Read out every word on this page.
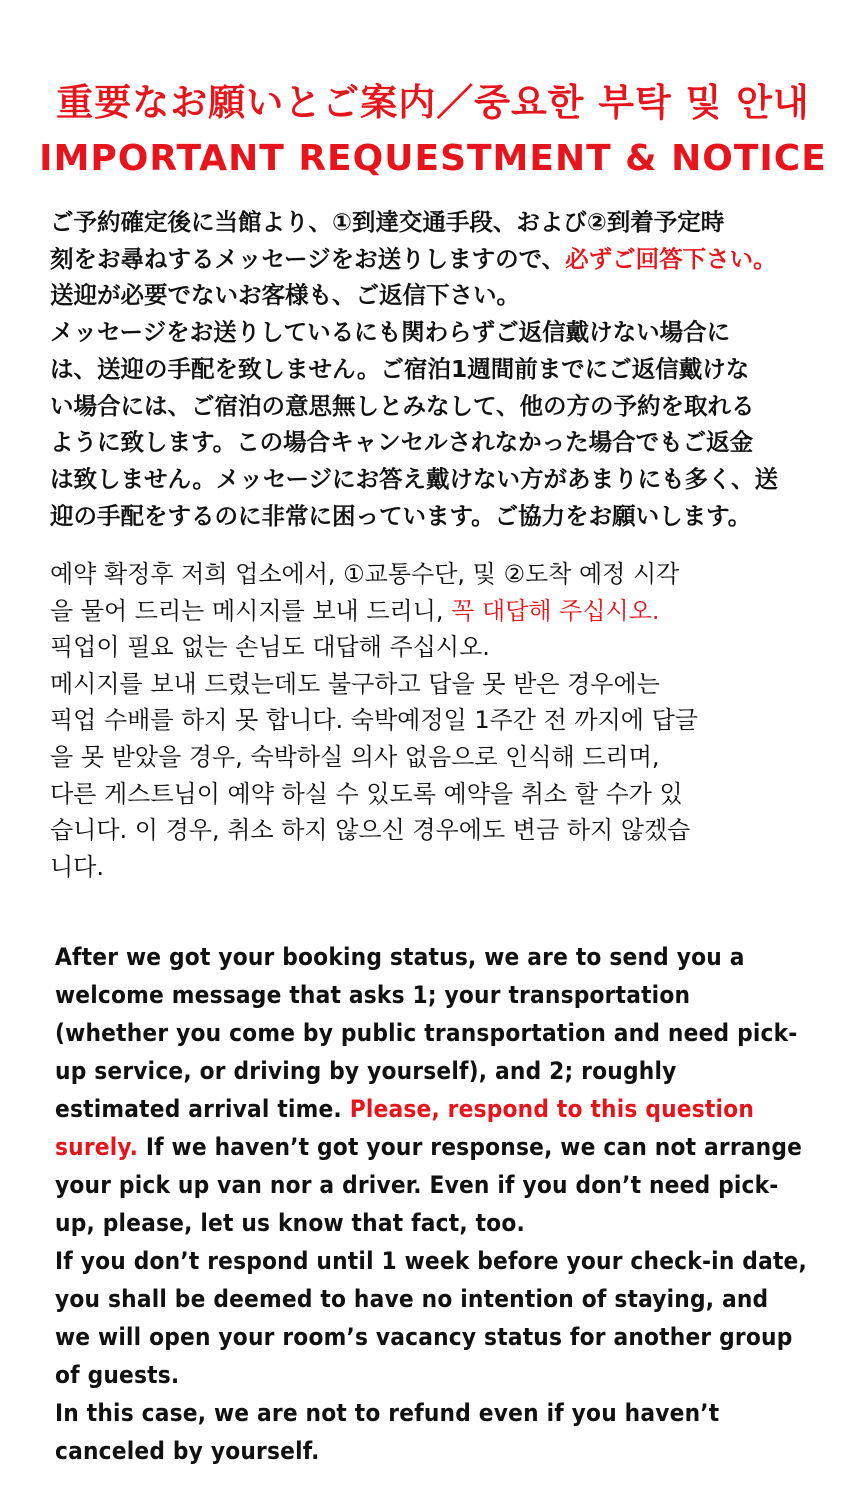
重要なお願いとご案内／중요한 부탁 및 안내
IMPORTANT REQUESTMENT & NOTICE
ご予約確定後に当館より、①到達交通手段、および②到着予定時
刻をお尋ねするメッセージをお送りしますので、必ずご回答下さい。
送迎が必要でないお客様も、ご返信下さい。
メッセージをお送りしているにも関わらずご返信戴けない場合に
は、送迎の手配を致しません。ご宿泊1週間前までにご返信戴けな
い場合には、ご宿泊の意思無しとみなして、他の方の予約を取れる
ように致します。この場合キャンセルされなかった場合でもご返金
は致しません。メッセージにお答え戴けない方があまりにも多く、送
迎の手配をするのに非常に困っています。ご協力をお願いします。
예약 확정후 저희 업소에서, ①교통수단, 및 ②도착 예정 시각
을 물어 드리는 메시지를 보내 드리니, 꼭 대답해 주십시오.
픽업이 필요 없는 손님도 대답해 주십시오.
메시지를 보내 드렸는데도 불구하고 답을 못 받은 경우에는
픽업 수배를 하지 못 합니다. 숙박예정일 1주간 전 까지에 답글
을 못 받았을 경우, 숙박하실 의사 없음으로 인식해 드리며,
다른 게스트님이 예약 하실 수 있도록 예약을 취소 할 수가 있
습니다. 이 경우, 취소 하지 않으신 경우에도 변금 하지 않겠습
니다.
After we got your booking status, we are to send you a
welcome message that asks 1; your transportation
(whether you come by public transportation and need pick-
up service, or driving by yourself), and 2; roughly
estimated arrival time. Please, respond to this question
surely. If we haven’t got your response, we can not arrange
your pick up van nor a driver. Even if you don’t need pick-
up, please, let us know that fact, too.
If you don’t respond until 1 week before your check-in date,
you shall be deemed to have no intention of staying, and
we will open your room’s vacancy status for another group
of guests.
In this case, we are not to refund even if you haven’t
canceled by yourself.
